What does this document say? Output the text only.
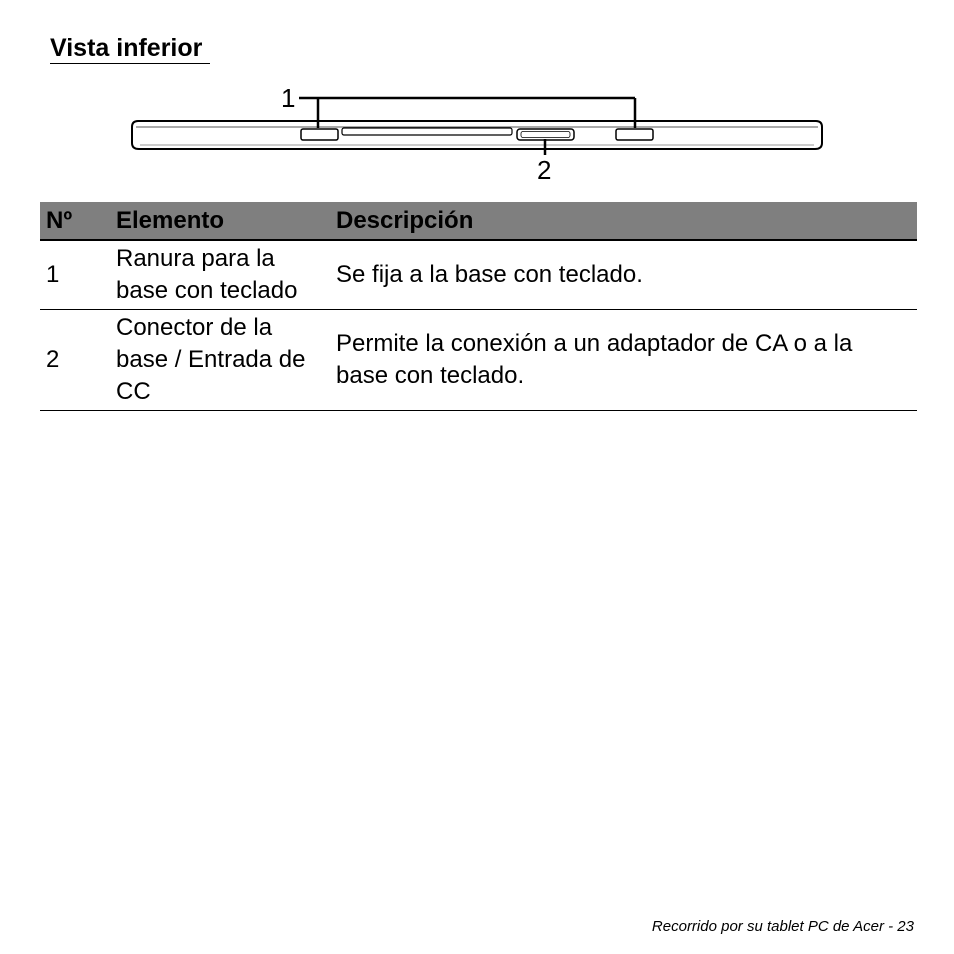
Vista inferior
1
2
Nº	Elemento	Descripción
1	Ranura para la base con teclado	Se fija a la base con teclado.
2	Conector de la base / Entrada de CC	Permite la conexión a un adaptador de CA o a la base con teclado.
Recorrido por su tablet PC de Acer - 23
